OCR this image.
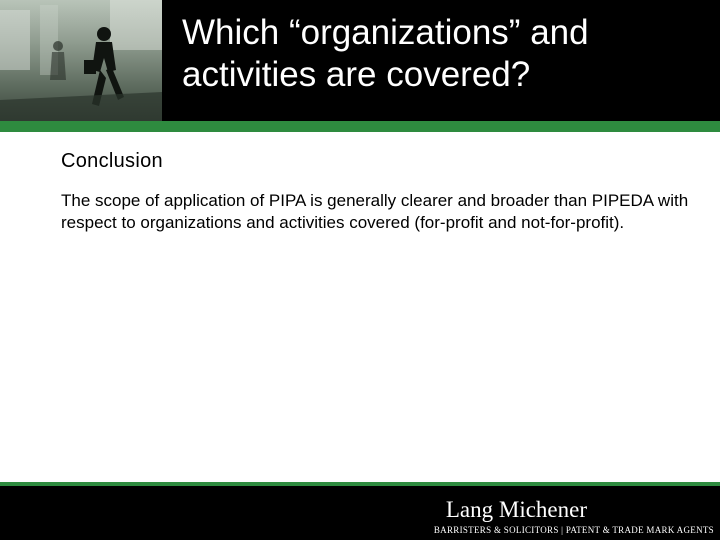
Which “organizations” and
activities are covered?
Conclusion

The scope of application of PIPA is generally clearer and broader than PIPEDA with respect to organizations and activities covered (for-profit and not-for-profit).

Lang Michener
BARRISTERS & SOLICITORS | PATENT & TRADE MARK AGENTS
